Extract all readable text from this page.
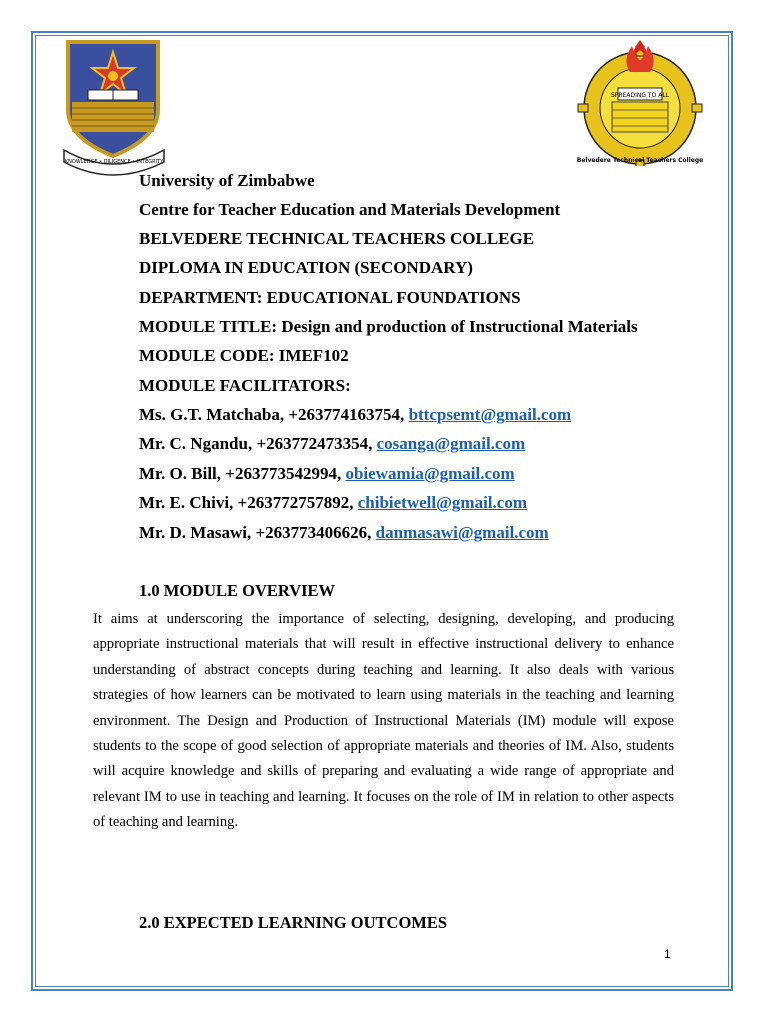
KNOWLEDGE • DILIGENCE • INTEGRITY
SPREADING TO ALL
Belvedere Technical Teachers College
University of Zimbabwe
Centre for Teacher Education and Materials Development
BELVEDERE TECHNICAL TEACHERS COLLEGE
DIPLOMA IN EDUCATION (SECONDARY)
DEPARTMENT: EDUCATIONAL FOUNDATIONS
MODULE TITLE: Design and production of Instructional Materials
MODULE CODE: IMEF102
MODULE FACILITATORS:
Ms. G.T. Matchaba, +263774163754, bttcpsemt@gmail.com
Mr. C. Ngandu, +263772473354, cosanga@gmail.com
Mr. O. Bill, +263773542994, obiewamia@gmail.com
Mr. E. Chivi, +263772757892, chibietwell@gmail.com
Mr. D. Masawi, +263773406626, danmasawi@gmail.com
1.0 MODULE OVERVIEW
It aims at underscoring the importance of selecting, designing, developing, and producing appropriate instructional materials that will result in effective instructional delivery to enhance understanding of abstract concepts during teaching and learning. It also deals with various strategies of how learners can be motivated to learn using materials in the teaching and learning environment. The Design and Production of Instructional Materials (IM) module will expose students to the scope of good selection of appropriate materials and theories of IM. Also, students will acquire knowledge and skills of preparing and evaluating a wide range of appropriate and relevant IM to use in teaching and learning. It focuses on the role of IM in relation to other aspects of teaching and learning.
2.0 EXPECTED LEARNING OUTCOMES
1
